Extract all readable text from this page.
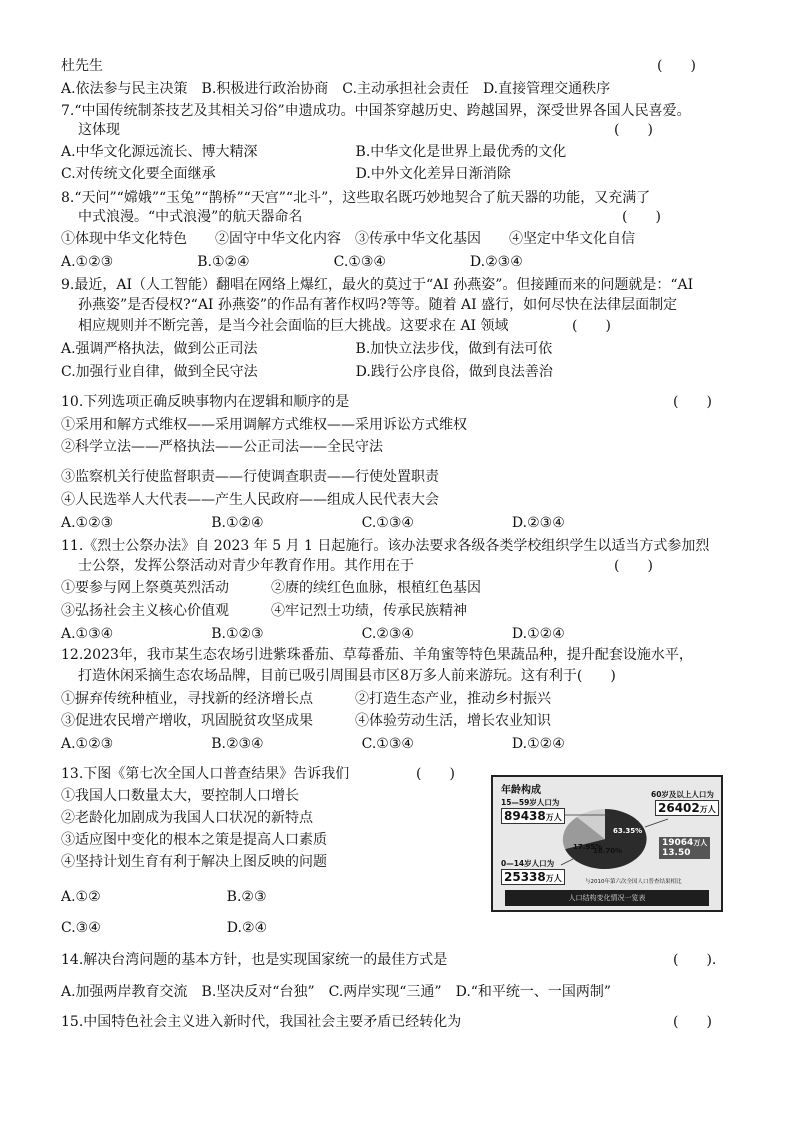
杜先生
A.依法参与民主决策　B.积极进行政治协商　C.主动承担社会责任　D.直接管理交通秩序
7.“中国传统制茶技艺及其相关习俗”申遗成功。中国茶穿越历史、跨越国界，深受世界各国人民喜爱。
这体现
A.中华文化源远流长、博大精深　　　　　　　B.中华文化是世界上最优秀的文化
C.对传统文化要全面继承　　　　　　　　　　D.中外文化差异日渐消除
8.“天问”“嫦娥”“玉兔”“鹊桥”“天宫”“北斗”，这些取名既巧妙地契合了航天器的功能，又充满了
中式浪漫。“中式浪漫”的航天器命名
①体现中华文化特色　　②固守中华文化内容　③传承中华文化基因　　④坚定中华文化自信
A.①②③　　　　　　B.①②④　　　　　　C.①③④　　　　　　D.②③④
9.最近，AI（人工智能）翻唱在网络上爆红，最火的莫过于“AI 孙燕姿”。但接踵而来的问题就是：“AI
孙燕姿”是否侵权?“AI 孙燕姿”的作品有著作权吗?等等。随着 AI 盛行，如何尽快在法律层面制定
相应规则并不断完善，是当今社会面临的巨大挑战。这要求在 AI 领域
A.强调严格执法，做到公正司法　　　　　　　B.加快立法步伐，做到有法可依
C.加强行业自律，做到全民守法　　　　　　　D.践行公序良俗，做到良法善治
10.下列选项正确反映事物内在逻辑和顺序的是
①采用和解方式维权——采用调解方式维权——采用诉讼方式维权
②科学立法——严格执法——公正司法——全民守法
③监察机关行使监督职责——行使调查职责——行使处置职责
④人民选举人大代表——产生人民政府——组成人民代表大会
A.①②③　　　　　　　B.①②④　　　　　　　C.①③④　　　　　　　D.②③④
11.《烈士公祭办法》自 2023 年 5 月 1 日起施行。该办法要求各级各类学校组织学生以适当方式参加烈
士公祭，发挥公祭活动对青少年教育作用。其作用在于
①要参与网上祭奠英烈活动　　　②赓的续红色血脉，根植红色基因
③弘扬社会主义核心价值观　　　④牢记烈士功绩，传承民族精神
A.①③④　　　　　　　B.①②③　　　　　　　C.②③④　　　　　　　D.①②④
12.2023年，我市某生态农场引进紫珠番茄、草莓番茄、羊角蜜等特色果蔬品种，提升配套设施水平，
打造休闲采摘生态农场品牌，目前已吸引周围县市区8万多人前来游玩。这有利于(　　)
①摒弃传统种植业，寻找新的经济增长点　　　②打造生态产业，推动乡村振兴
③促进农民增产增收，巩固脱贫攻坚成果　　　④体验劳动生活，增长农业知识
A.①②③　　　　　　　B.②③④　　　　　　　C.①③④　　　　　　　D.①②④
13.下图《第七次全国人口普查结果》告诉我们
①我国人口数量太大，要控制人口增长
②老龄化加剧成为我国人口状况的新特点
③适应图中变化的根本之策是提高人口素质
④坚持计划生育有利于解决上图反映的问题
A.①②　　　　　　　　　B.②③
C.③④　　　　　　　　　D.②④
14.解决台湾问题的基本方针，也是实现国家统一的最佳方式是
A.加强两岸教育交流　B.坚决反对“台独”　C.两岸实现“三通”　D.“和平统一、一国两制”
15.中国特色社会主义进入新时代，我国社会主要矛盾已经转化为
(　　)
(　　)
(　　)
(　　)
(　　)
(　　)
(　　)
(　　).
(　　)
年龄构成
63.35%
17.95%
18.70%
15—59岁人口为
89438万人
60岁及以上人口为
26402万人
19064万人
13.50
0—14岁人口为
25338万人	与2010年第六次全国人口普查结果相比
人口结构变化情况一览表
